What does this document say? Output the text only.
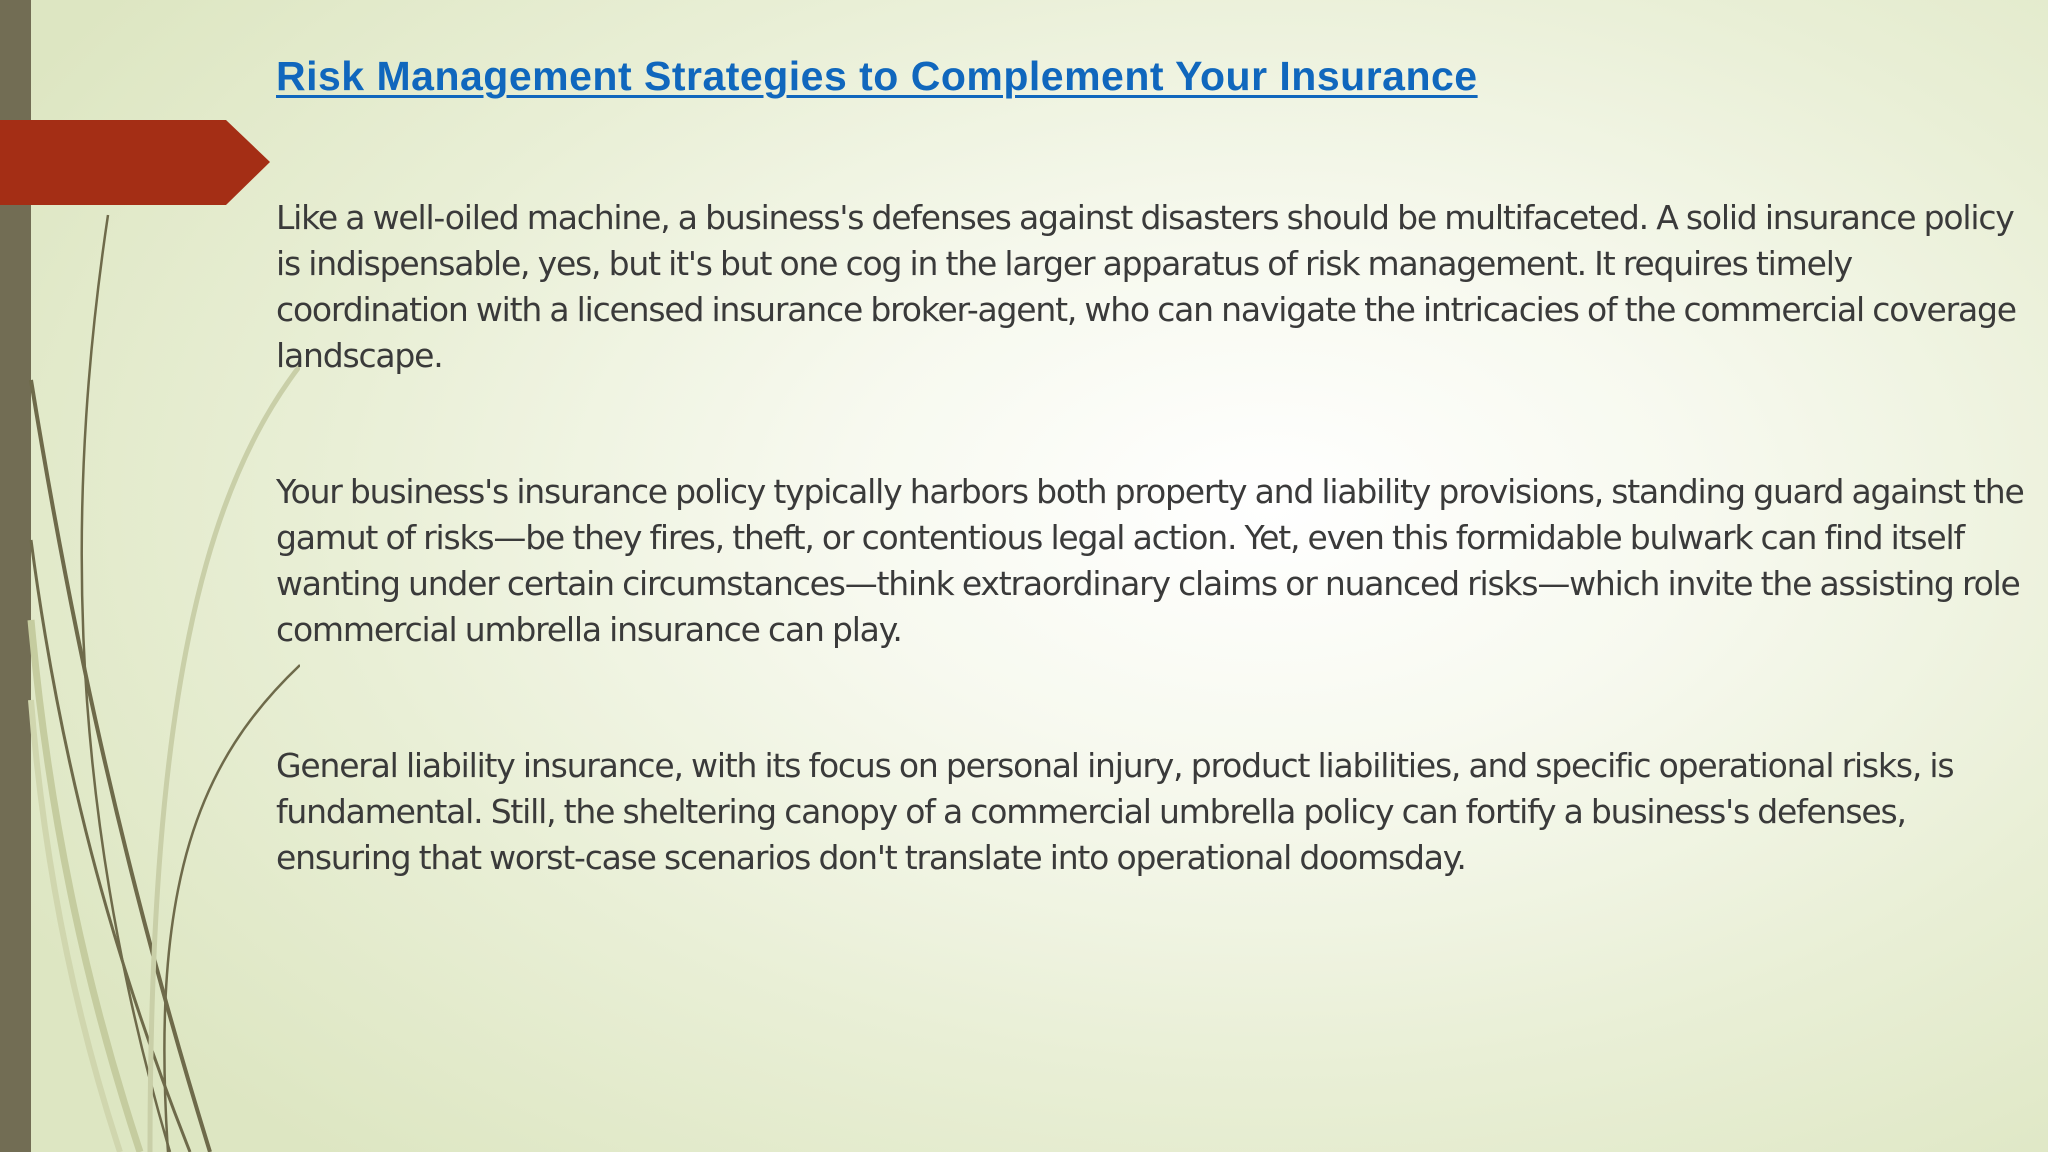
Risk Management Strategies to Complement Your Insurance

Like a well-oiled machine, a business's defenses against disasters should be multifaceted. A solid insurance policy is indispensable, yes, but it's but one cog in the larger apparatus of risk management. It requires timely coordination with a licensed insurance broker-agent, who can navigate the intricacies of the commercial coverage landscape.

Your business's insurance policy typically harbors both property and liability provisions, standing guard against the gamut of risks—be they fires, theft, or contentious legal action. Yet, even this formidable bulwark can find itself wanting under certain circumstances—think extraordinary claims or nuanced risks—which invite the assisting role commercial umbrella insurance can play.

General liability insurance, with its focus on personal injury, product liabilities, and specific operational risks, is fundamental. Still, the sheltering canopy of a commercial umbrella policy can fortify a business's defenses, ensuring that worst-case scenarios don't translate into operational doomsday.
